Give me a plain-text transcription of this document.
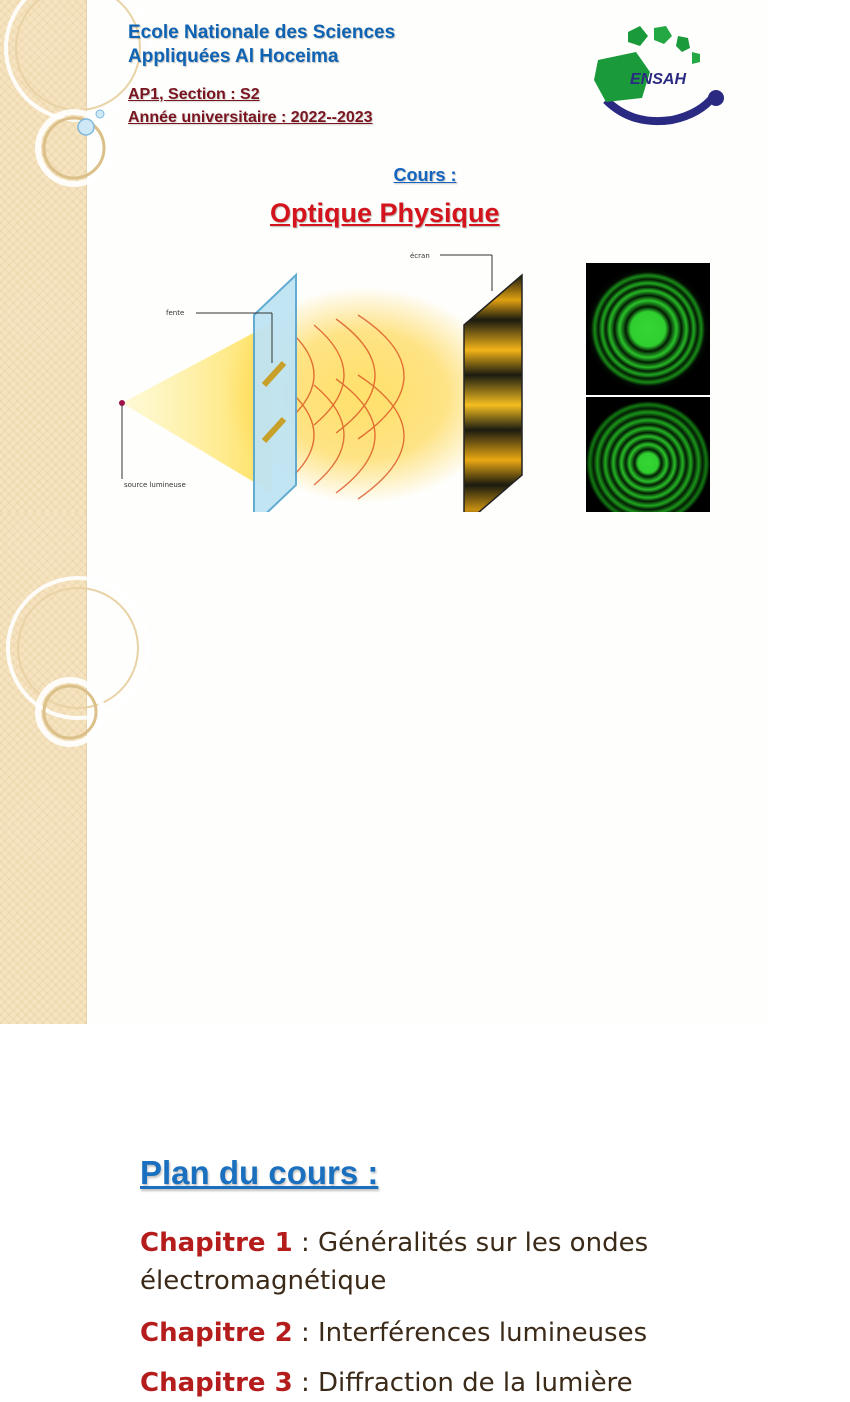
Ecole Nationale des Sciences
Appliquées Al Hoceima
AP1, Section : S2
Année universitaire : 2022--2023
ENSAH
Cours :
Optique Physique
écran
fente
source lumineuse
Plan du cours :
Chapitre 1 : Généralités sur les ondes électromagnétique
Chapitre 2 : Interférences lumineuses
Chapitre 3 : Diffraction de la lumière
